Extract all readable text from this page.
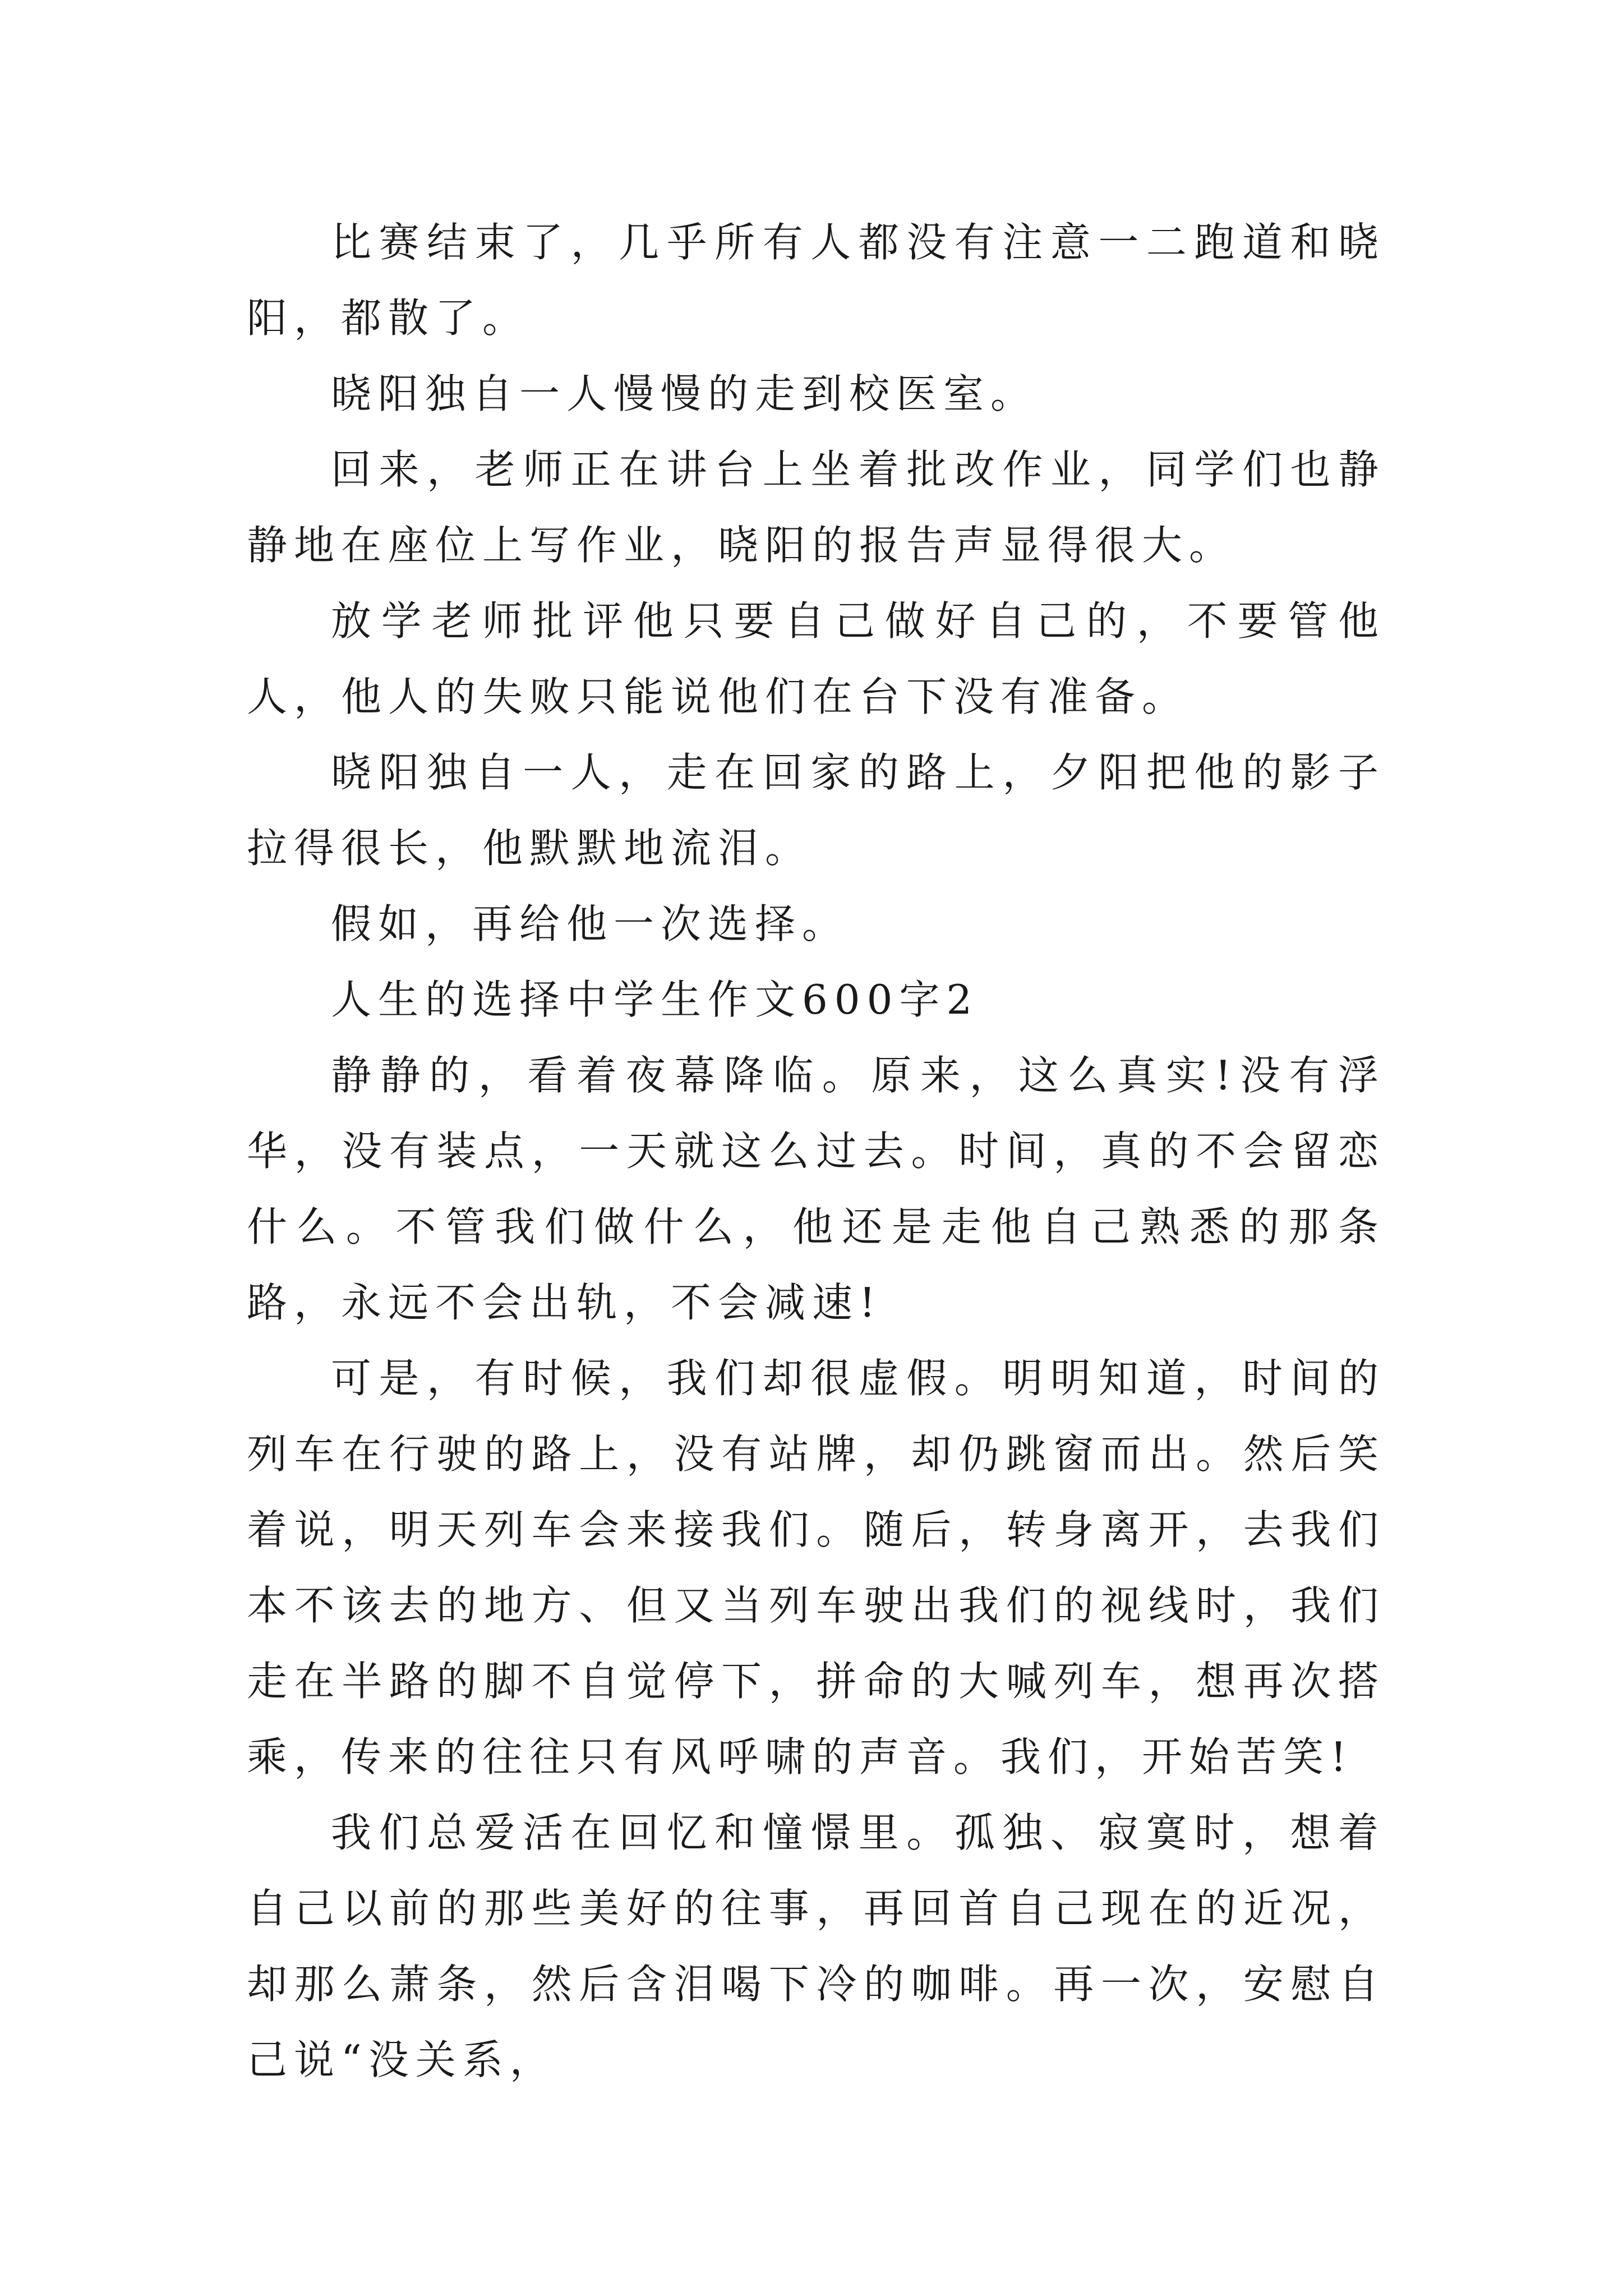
比赛结束了，几乎所有人都没有注意一二跑道和晓阳，都散了。

晓阳独自一人慢慢的走到校医室。

回来，老师正在讲台上坐着批改作业，同学们也静静地在座位上写作业，晓阳的报告声显得很大。

放学老师批评他只要自己做好自己的，不要管他人，他人的失败只能说他们在台下没有准备。

晓阳独自一人，走在回家的路上，夕阳把他的影子拉得很长，他默默地流泪。

假如，再给他一次选择。

人生的选择中学生作文600字2

静静的，看着夜幕降临。原来，这么真实!没有浮华，没有装点，一天就这么过去。时间，真的不会留恋什么。不管我们做什么，他还是走他自己熟悉的那条路，永远不会出轨，不会减速!

可是，有时候，我们却很虚假。明明知道，时间的列车在行驶的路上，没有站牌，却仍跳窗而出。然后笑着说，明天列车会来接我们。随后，转身离开，去我们本不该去的地方、但又当列车驶出我们的视线时，我们走在半路的脚不自觉停下，拼命的大喊列车，想再次搭乘，传来的往往只有风呼啸的声音。我们，开始苦笑!

我们总爱活在回忆和憧憬里。孤独、寂寞时，想着自己以前的那些美好的往事，再回首自己现在的近况，却那么萧条，然后含泪喝下冷的咖啡。再一次，安慰自己说“没关系，
